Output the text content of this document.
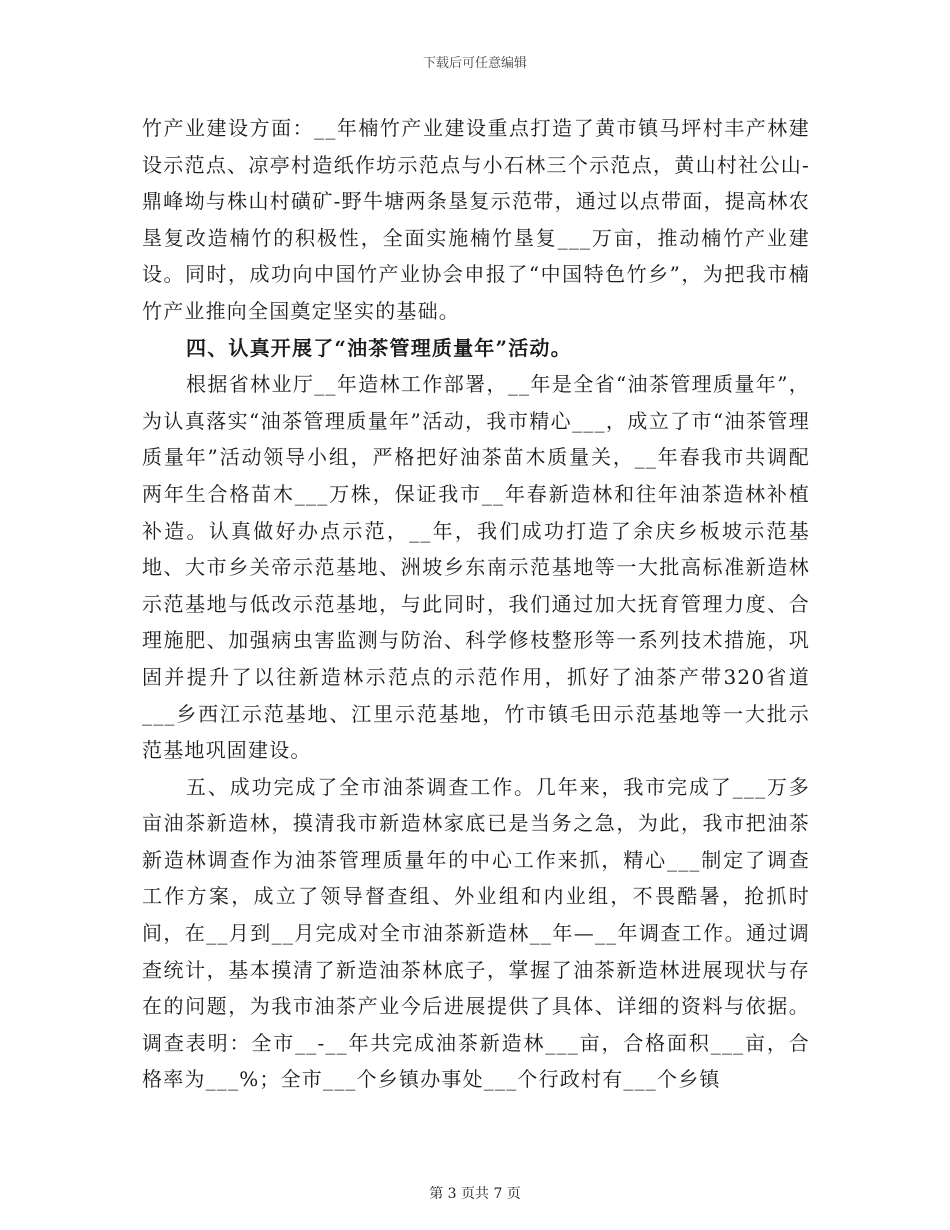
下载后可任意编辑

竹产业建设方面：__年楠竹产业建设重点打造了黄市镇马坪村丰产林建设示范点、凉亭村造纸作坊示范点与小石林三个示范点，黄山村社公山-鼎峰坳与株山村磺矿-野牛塘两条垦复示范带，通过以点带面，提高林农垦复改造楠竹的积极性，全面实施楠竹垦复___万亩，推动楠竹产业建设。同时，成功向中国竹产业协会申报了“中国特色竹乡”，为把我市楠竹产业推向全国奠定坚实的基础。

四、认真开展了“油茶管理质量年”活动。

根据省林业厅__年造林工作部署，__年是全省“油茶管理质量年”，为认真落实“油茶管理质量年”活动，我市精心___，成立了市“油茶管理质量年”活动领导小组，严格把好油茶苗木质量关，__年春我市共调配两年生合格苗木___万株，保证我市__年春新造林和往年油茶造林补植补造。认真做好办点示范，__年，我们成功打造了余庆乡板坡示范基地、大市乡关帝示范基地、洲坡乡东南示范基地等一大批高标准新造林示范基地与低改示范基地，与此同时，我们通过加大抚育管理力度、合理施肥、加强病虫害监测与防治、科学修枝整形等一系列技术措施，巩固并提升了以往新造林示范点的示范作用，抓好了油茶产带320省道___乡西江示范基地、江里示范基地，竹市镇毛田示范基地等一大批示范基地巩固建设。

五、成功完成了全市油茶调查工作。几年来，我市完成了___万多亩油茶新造林，摸清我市新造林家底已是当务之急，为此，我市把油茶新造林调查作为油茶管理质量年的中心工作来抓，精心___制定了调查工作方案，成立了领导督查组、外业组和内业组，不畏酷暑，抢抓时间，在__月到__月完成对全市油茶新造林__年—__年调查工作。通过调查统计，基本摸清了新造油茶林底子，掌握了油茶新造林进展现状与存在的问题，为我市油茶产业今后进展提供了具体、详细的资料与依据。调查表明：全市__-__年共完成油茶新造林___亩，合格面积___亩，合格率为___%；全市___个乡镇办事处___个行政村有___个乡镇

第 3 页共 7 页
